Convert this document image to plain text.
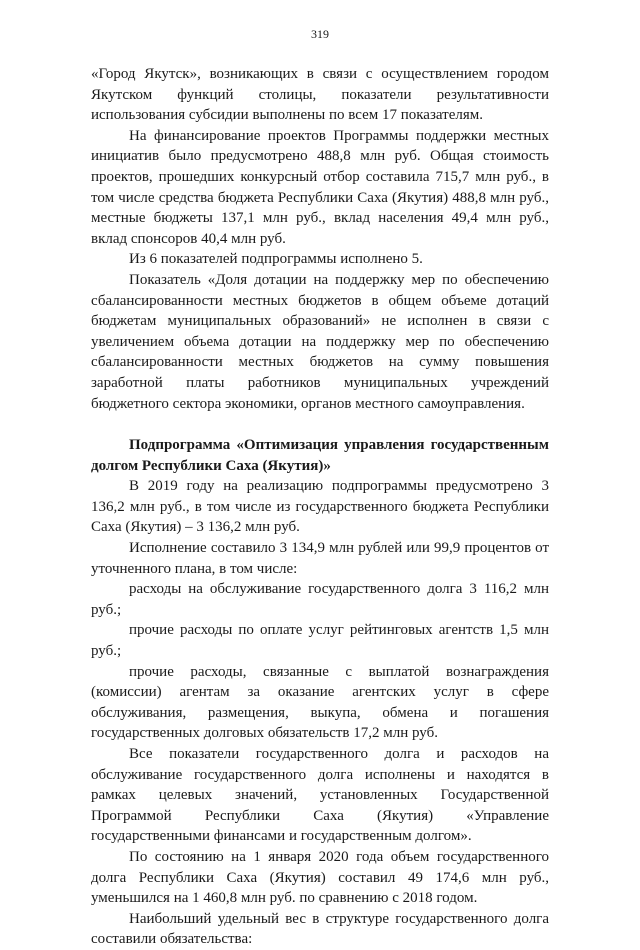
319

«Город Якутск», возникающих в связи с осуществлением городом Якутском функций столицы, показатели результативности использования субсидии выполнены по всем 17 показателям.

На финансирование проектов Программы поддержки местных инициатив было предусмотрено 488,8 млн руб. Общая стоимость проектов, прошедших конкурсный отбор составила 715,7 млн руб., в том числе средства бюджета Республики Саха (Якутия) 488,8 млн руб., местные бюджеты 137,1 млн руб., вклад населения 49,4 млн руб., вклад спонсоров 40,4 млн руб.

Из 6 показателей подпрограммы исполнено 5.

Показатель «Доля дотации на поддержку мер по обеспечению сбалансированности местных бюджетов в общем объеме дотаций бюджетам муниципальных образований» не исполнен в связи с увеличением объема дотации на поддержку мер по обеспечению сбалансированности местных бюджетов на сумму повышения заработной платы работников муниципальных учреждений бюджетного сектора экономики, органов местного самоуправления.

Подпрограмма «Оптимизация управления государственным долгом Республики Саха (Якутия)»

В 2019 году на реализацию подпрограммы предусмотрено 3 136,2 млн руб., в том числе из государственного бюджета Республики Саха (Якутия) – 3 136,2 млн руб.

Исполнение составило 3 134,9 млн рублей или 99,9 процентов от уточненного плана, в том числе:

расходы на обслуживание государственного долга 3 116,2 млн руб.;

прочие расходы по оплате услуг рейтинговых агентств 1,5 млн руб.;

прочие расходы, связанные с выплатой вознаграждения (комиссии) агентам за оказание агентских услуг в сфере обслуживания, размещения, выкупа, обмена и погашения государственных долговых обязательств 17,2 млн руб.

Все показатели государственного долга и расходов на обслуживание государственного долга исполнены и находятся в рамках целевых значений, установленных Государственной Программой Республики Саха (Якутия) «Управление государственными финансами и государственным долгом».

По состоянию на 1 января 2020 года объем государственного долга Республики Саха (Якутия) составил 49 174,6 млн руб., уменьшился на 1 460,8 млн руб. по сравнению с 2018 годом.

Наибольший удельный вес в структуре государственного долга составили обязательства:
